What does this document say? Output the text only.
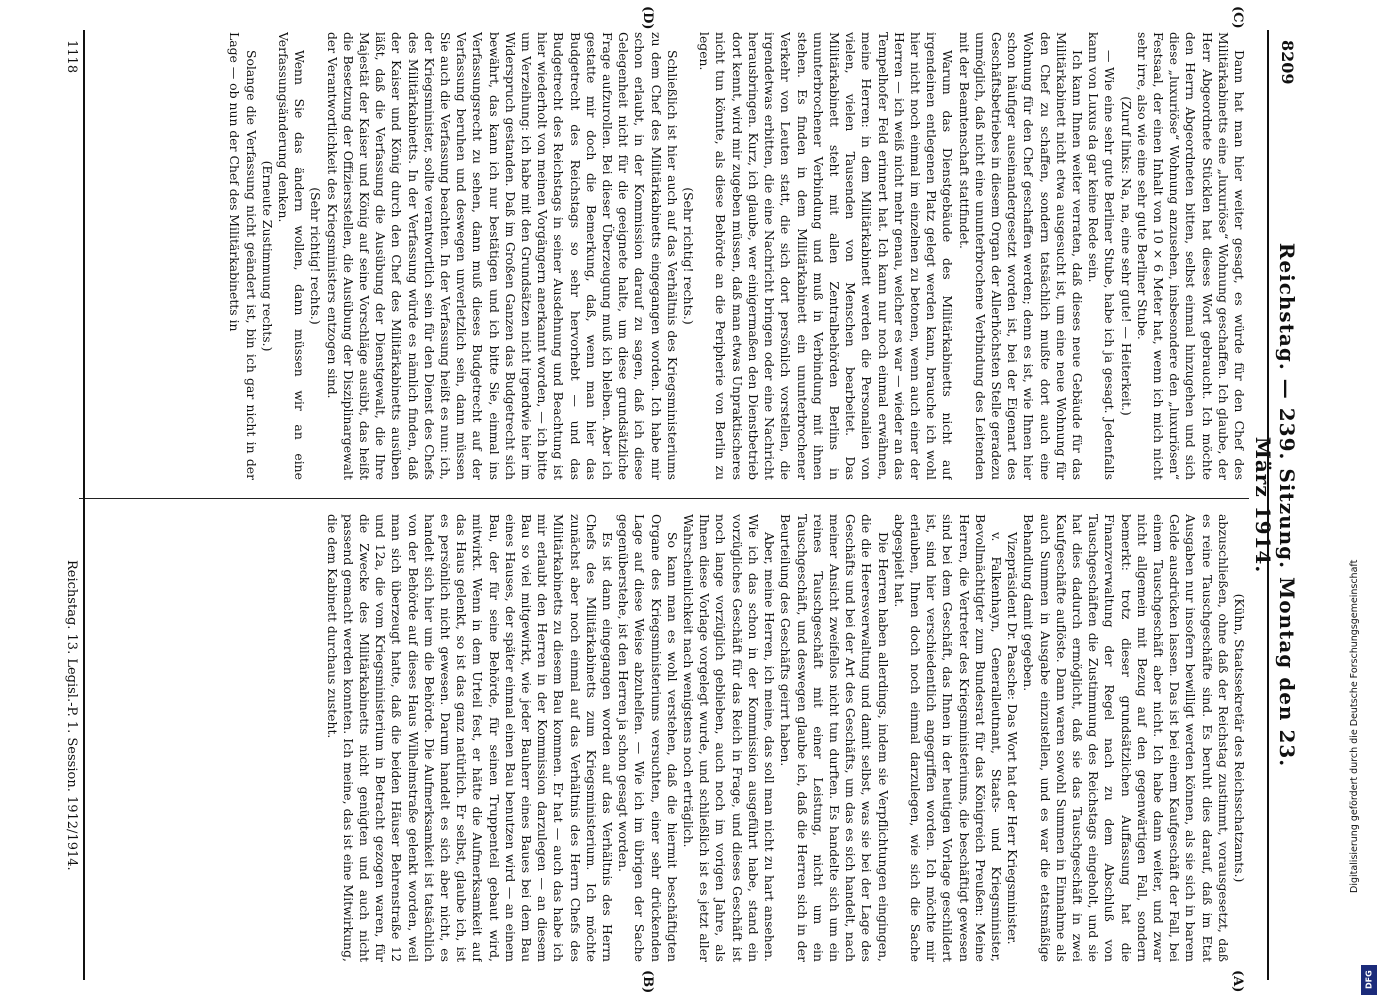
8209
Reichstag. — 239. Sitzung. Montag den 23. März 1914.
(C)
(D)
(A)
(B)

Dann hat man hier weiter gesagt, es würde für den Chef des Militärkabinetts eine „luxuriöse“ Wohnung geschaffen. Ich glaube, der Herr Abgeordnete Stücklen hat dieses Wort gebraucht. Ich möchte den Herrn Abgeordneten bitten, selbst einmal hinzugehen und sich diese „luxuriöse“ Wohnung anzusehen, insbesondere den „luxuriösen“ Festsaal, der einen Inhalt von 10 × 6 Meter hat, wenn ich mich nicht sehr irre, also wie eine sehr gute Berliner Stube.

(Zuruf links: Na, na, eine sehr gute! — Heiterkeit.)

— Wie eine sehr gute Berliner Stube, habe ich ja gesagt. Jedenfalls kann von Luxus da gar keine Rede sein.

Ich kann Ihnen weiter verraten, daß dieses neue Gebäude für das Militärkabinett nicht etwa ausgesucht ist, um eine neue Wohnung für den Chef zu schaffen, sondern tatsächlich mußte dort auch eine Wohnung für den Chef geschaffen werden; denn es ist, wie Ihnen hier schon häufiger auseinandergesetzt worden ist, bei der Eigenart des Geschäftsbetriebes in diesem Organ der Allerhöchsten Stelle geradezu unmöglich, daß nicht eine ununterbrochene Verbindung des Leitenden mit der Beamtenschaft stattfindet.

Warum das Dienstgebäude des Militärkabinetts nicht auf irgendeinen entlegenen Platz gelegt werden kann, brauche ich wohl hier nicht noch einmal im einzelnen zu betonen, wenn auch einer der Herren — ich weiß nicht mehr genau, welcher es war — wieder an das Tempelhofer Feld erinnert hat. Ich kann nur noch einmal erwähnen, meine Herren: in dem Militärkabinett werden die Personalien von vielen, vielen Tausenden von Menschen bearbeitet. Das Militärkabinett steht mit allen Zentralbehörden Berlins in ununterbrochener Verbindung und muß in Verbindung mit ihnen stehen. Es finden in dem Militärkabinett ein ununterbrochener Verkehr von Leuten statt, die sich dort persönlich vorstellen, die irgendetwas erbitten, die eine Nachricht bringen oder eine Nachricht herausbringen. Kurz, ich glaube, wer einigermaßen den Dienstbetrieb dort kennt, wird mir zugeben müssen, daß man etwas Unpraktischeres nicht tun könnte, als diese Behörde an die Peripherie von Berlin zu legen.

(Sehr richtig! rechts.)

Schließlich ist hier auch auf das Verhältnis des Kriegsministeriums zu dem Chef des Militärkabinetts eingegangen worden. Ich habe mir schon erlaubt, in der Kommission darauf zu sagen, daß ich diese Gelegenheit nicht für die geeignete halte, um diese grundsätzliche Frage aufzurollen. Bei dieser Überzeugung muß ich bleiben. Aber ich gestatte mir doch die Bemerkung, daß, wenn man hier das Budgetrecht des Reichstags so sehr hervorhebt — und das Budgetrecht des Reichstags in seiner Ausdehnung und Beachtung ist hier wiederholt von meinen Vorgängern anerkannt worden, — ich bitte um Verzeihung: ich habe mit den Grundsätzen nicht irgendwie hier im Widerspruch gestanden. Daß im Großen Ganzen das Budgetrecht sich bewährt, das kann ich nur bestätigen und ich bitte Sie, einmal ins Verfassungsrecht zu sehen, dann muß dieses Budgetrecht auf der Verfassung beruhen und deswegen unverletzlich sein, dann müssen Sie auch die Verfassung beachten. In der Verfassung heißt es nun: ich, der Kriegsminister, sollte verantwortlich sein für den Dienst des Chefs des Militärkabinetts. In der Verfassung würde es nämlich finden, daß der Kaiser und König durch den Chef des Militärkabinetts ausüben läßt, daß die Verfassung die Ausübung der Dienstgewalt, die Ihre Majestät der Kaiser und König auf seine Vorschläge ausübt, das heißt die Besetzung der Offiziersstellen, die Ausübung der Disziplinargewalt der Verantwortlichkeit des Kriegsministers entzogen sind.

(Sehr richtig! rechts.)

Wenn Sie das ändern wollen, dann müssen wir an eine Verfassungsänderung denken.

(Erneute Zustimmung rechts.)

Solange die Verfassung nicht geändert ist, bin ich gar nicht in der Lage — ob nun der Chef des Militärkabinetts in

(Kühn, Staatssekretär des Reichsschatzamts.)

abzuschließen, ohne daß der Reichstag zustimmt, vorausgesetzt, daß es reine Tauschgeschäfte sind. Es beruht dies darauf, daß im Etat Ausgaben nur insofern bewilligt werden können, als sie sich in barem Gelde ausdrücken lassen. Das ist bei einem Kaufgeschäft der Fall, bei einem Tauschgeschäft aber nicht. Ich habe dann weiter, und zwar nicht allgemein mit Bezug auf den gegenwärtigen Fall, sondern bemerkt: trotz dieser grundsätzlichen Auffassung hat die Finanzverwaltung der Regel nach zu dem Abschluß von Tauschgeschäften die Zustimmung des Reichstags eingeholt, und sie hat dies dadurch ermöglicht, daß sie das Tauschgeschäft in zwei Kaufgeschäfte auflöste. Dann waren sowohl Summen in Einnahme als auch Summen in Ausgabe einzustellen, und es war die etatsmäßige Behandlung damit gegeben.

Vizepräsident Dr. Paasche: Das Wort hat der Herr Kriegsminister.

v. Falkenhayn, Generalleutnant, Staats- und Kriegsminister, Bevollmächtigter zum Bundesrat für das Königreich Preußen: Meine Herren, die Vertreter des Kriegsministeriums, die beschäftigt gewesen sind bei dem Geschäft, das Ihnen in der heutigen Vorlage geschildert ist, sind hier verschiedentlich angegriffen worden. Ich möchte mir erlauben, Ihnen doch noch einmal darzulegen, wie sich die Sache abgespielt hat.

Die Herren haben allerdings, indem sie Verpflichtungen eingingen, die die Heeresverwaltung und damit selbst, was sie bei der Lage des Geschäfts und bei der Art des Geschäfts, um das es sich handelt, nach meiner Ansicht zweifellos nicht tun durften. Es handelte sich um ein reines Tauschgeschäft mit einer Leistung, nicht um ein Tauschgeschäft, und deswegen glaube ich, daß die Herren sich in der Beurteilung des Geschäfts geirrt haben.

Aber, meine Herren, ich meine, das soll man nicht zu hart ansehen. Wie ich das schon in der Kommission ausgeführt habe, stand ein vorzügliches Geschäft für das Reich in Frage, und dieses Geschäft ist noch lange vorzüglich geblieben, auch noch im vorigen Jahre, als Ihnen diese Vorlage vorgelegt wurde, und schließlich ist es jetzt aller Wahrscheinlichkeit nach wenigstens noch erträglich.

So kann man es wohl verstehen, daß die hiermit beschäftigten Organe des Kriegsministeriums versuchten, einer sehr drückenden Lage auf diese Weise abzuhelfen. — Wie ich im übrigen der Sache gegenüberstehe, ist den Herren ja schon gesagt worden.

Es ist dann eingegangen worden auf das Verhältnis des Herrn Chefs des Militärkabinetts zum Kriegsministerium. Ich möchte zunächst aber noch einmal auf das Verhältnis des Herrn Chefs des Militärkabinetts zu diesem Bau kommen. Er hat — auch das habe ich mir erlaubt den Herren in der Kommission darzulegen — an diesem Bau so viel mitgewirkt, wie jeder Bauherr eines Baues bei dem Bau eines Hauses, der später einmal einen Bau benutzen wird — an einem Bau, der für seine Behörde, für seinen Truppenteil gebaut wird, mitwirkt. Wenn in dem Urteil fest, er hätte die Aufmerksamkeit auf das Haus gelenkt, so ist das ganz natürlich. Er selbst, glaube ich, ist es persönlich nicht gewesen. Darum handelt es sich aber nicht, es handelt sich hier um die Behörde. Die Aufmerksamkeit ist tatsächlich von der Behörde auf dieses Haus Wilhelmstraße gelenkt worden, weil man sich überzeugt hatte, daß die beiden Häuser Behrenstraße 12 und 12a, die vom Kriegsministerium in Betracht gezogen waren, für die Zwecke des Militärkabinetts nicht genügten und auch nicht passend gemacht werden konnten. Ich meine, das ist eine Mitwirkung, die dem Kabinett durchaus zusteht.

1118
Reichstag. 13. Legisl.-P. 1. Session. 1912/1914.	Digitalisierung gefördert durch die Deutsche Forschungsgemeinschaft
DFG
